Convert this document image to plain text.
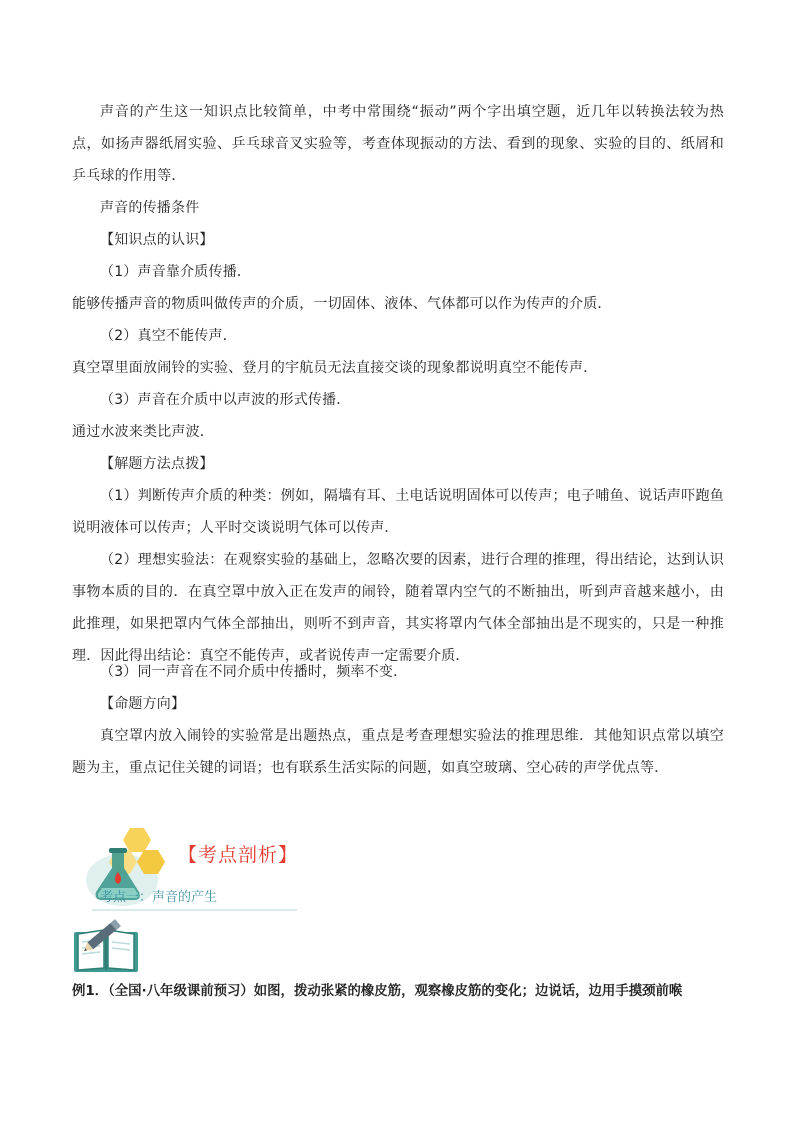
声音的产生这一知识点比较简单，中考中常围绕“振动”两个字出填空题，近几年以转换法较为热点，如扬声器纸屑实验、乒乓球音叉实验等，考查体现振动的方法、看到的现象、实验的目的、纸屑和乒乓球的作用等．

声音的传播条件

【知识点的认识】

（1）声音靠介质传播．

能够传播声音的物质叫做传声的介质，一切固体、液体、气体都可以作为传声的介质．

（2）真空不能传声．

真空罩里面放闹铃的实验、登月的宇航员无法直接交谈的现象都说明真空不能传声．

（3）声音在介质中以声波的形式传播．

通过水波来类比声波．

【解题方法点拨】

（1）判断传声介质的种类：例如，隔墙有耳、土电话说明固体可以传声；电子哺鱼、说话声吓跑鱼说明液体可以传声；人平时交谈说明气体可以传声．

（2）理想实验法：在观察实验的基础上，忽略次要的因素，进行合理的推理，得出结论，达到认识事物本质的目的．在真空罩中放入正在发声的闹铃，随着罩内空气的不断抽出，听到声音越来越小，由此推理，如果把罩内气体全部抽出，则听不到声音，其实将罩内气体全部抽出是不现实的，只是一种推理．因此得出结论：真空不能传声，或者说传声一定需要介质．

（3）同一声音在不同介质中传播时，频率不变．

【命题方向】

真空罩内放入闹铃的实验常是出题热点，重点是考查理想实验法的推理思维．其他知识点常以填空题为主，重点记住关键的词语；也有联系生活实际的问题，如真空玻璃、空心砖的声学优点等．

【考点剖析】
考点一：声音的产生
例1．（全国·八年级课前预习）如图，拨动张紧的橡皮筋，观察橡皮筋的变化；边说话，边用手摸颈前喉
